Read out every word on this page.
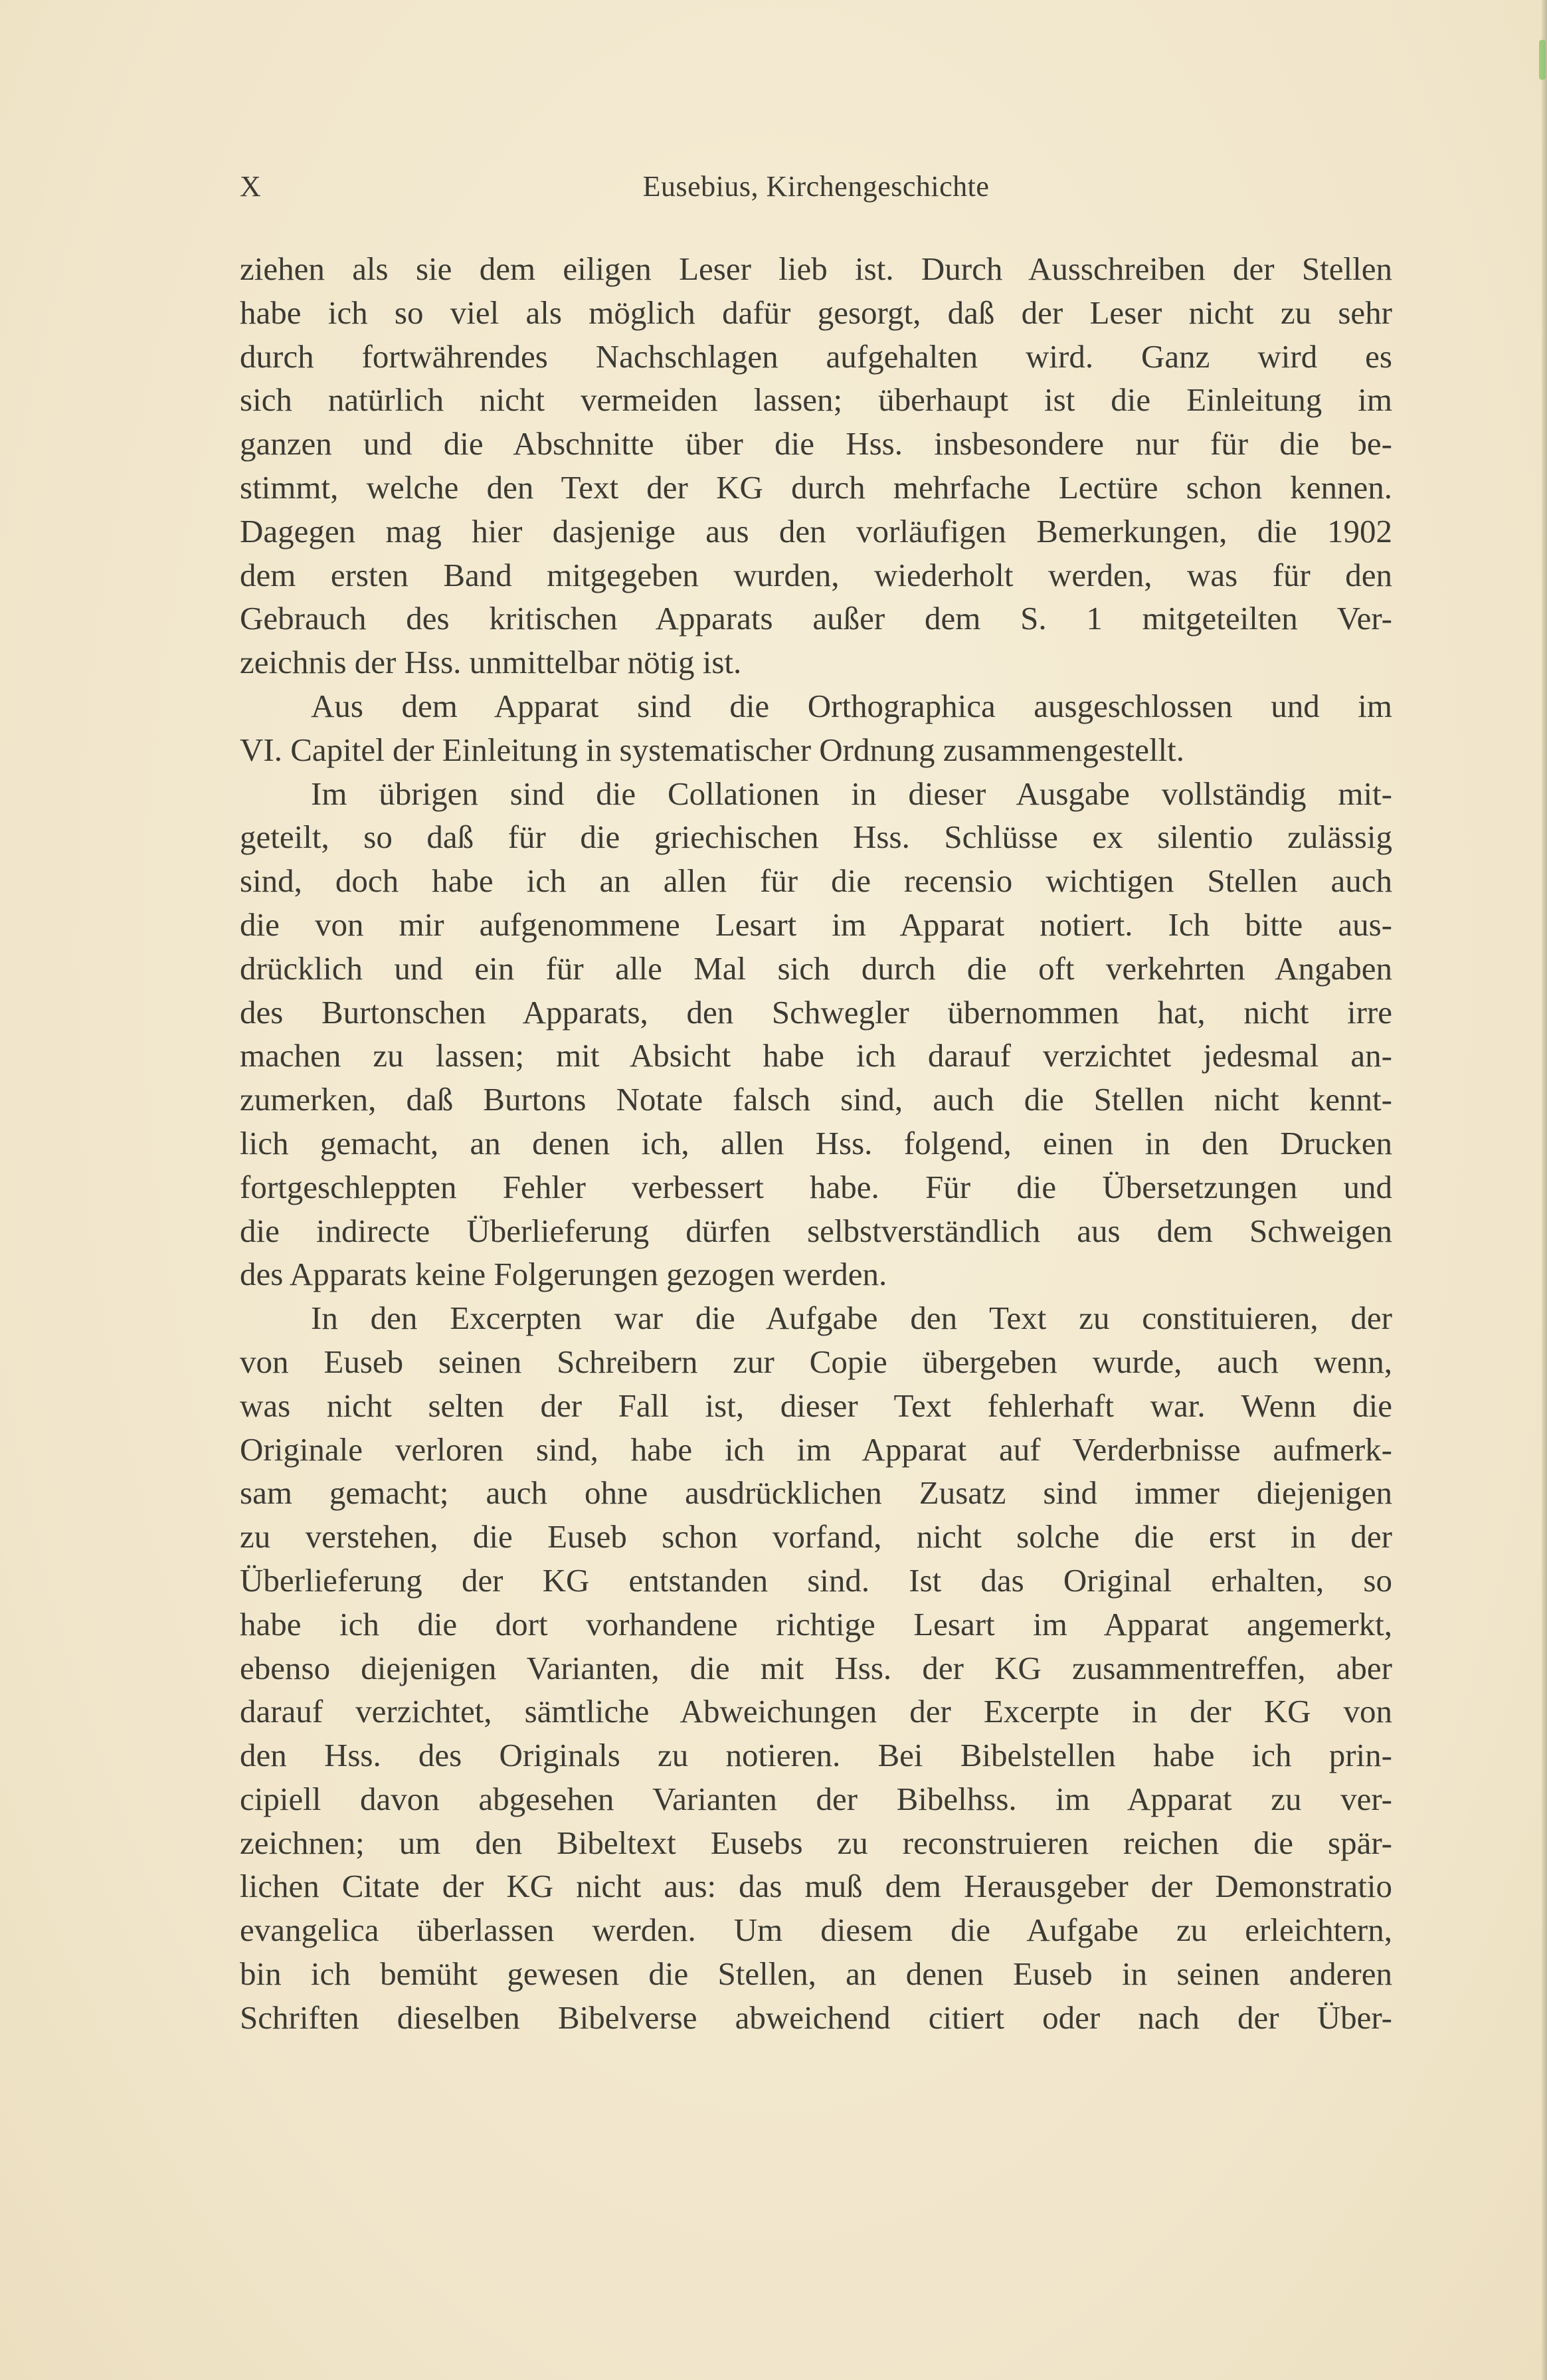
X	Eusebius, Kirchengeschichte
ziehen als sie dem eiligen Leser lieb ist. Durch Ausschreiben der Stellen
habe ich so viel als möglich dafür gesorgt, daß der Leser nicht zu sehr
durch fortwährendes Nachschlagen aufgehalten wird. Ganz wird es
sich natürlich nicht vermeiden lassen; überhaupt ist die Einleitung im
ganzen und die Abschnitte über die Hss. insbesondere nur für die be-
stimmt, welche den Text der KG durch mehrfache Lectüre schon kennen.
Dagegen mag hier dasjenige aus den vorläufigen Bemerkungen, die 1902
dem ersten Band mitgegeben wurden, wiederholt werden, was für den
Gebrauch des kritischen Apparats außer dem S. 1 mitgeteilten Ver-
zeichnis der Hss. unmittelbar nötig ist.
Aus dem Apparat sind die Orthographica ausgeschlossen und im
VI. Capitel der Einleitung in systematischer Ordnung zusammengestellt.
Im übrigen sind die Collationen in dieser Ausgabe vollständig mit-
geteilt, so daß für die griechischen Hss. Schlüsse ex silentio zulässig
sind, doch habe ich an allen für die recensio wichtigen Stellen auch
die von mir aufgenommene Lesart im Apparat notiert. Ich bitte aus-
drücklich und ein für alle Mal sich durch die oft verkehrten Angaben
des Burtonschen Apparats, den Schwegler übernommen hat, nicht irre
machen zu lassen; mit Absicht habe ich darauf verzichtet jedesmal an-
zumerken, daß Burtons Notate falsch sind, auch die Stellen nicht kennt-
lich gemacht, an denen ich, allen Hss. folgend, einen in den Drucken
fortgeschleppten Fehler verbessert habe. Für die Übersetzungen und
die indirecte Überlieferung dürfen selbstverständlich aus dem Schweigen
des Apparats keine Folgerungen gezogen werden.
In den Excerpten war die Aufgabe den Text zu constituieren, der
von Euseb seinen Schreibern zur Copie übergeben wurde, auch wenn,
was nicht selten der Fall ist, dieser Text fehlerhaft war. Wenn die
Originale verloren sind, habe ich im Apparat auf Verderbnisse aufmerk-
sam gemacht; auch ohne ausdrücklichen Zusatz sind immer diejenigen
zu verstehen, die Euseb schon vorfand, nicht solche die erst in der
Überlieferung der KG entstanden sind. Ist das Original erhalten, so
habe ich die dort vorhandene richtige Lesart im Apparat angemerkt,
ebenso diejenigen Varianten, die mit Hss. der KG zusammentreffen, aber
darauf verzichtet, sämtliche Abweichungen der Excerpte in der KG von
den Hss. des Originals zu notieren. Bei Bibelstellen habe ich prin-
cipiell davon abgesehen Varianten der Bibelhss. im Apparat zu ver-
zeichnen; um den Bibeltext Eusebs zu reconstruieren reichen die spär-
lichen Citate der KG nicht aus: das muß dem Herausgeber der Demonstratio
evangelica überlassen werden. Um diesem die Aufgabe zu erleichtern,
bin ich bemüht gewesen die Stellen, an denen Euseb in seinen anderen
Schriften dieselben Bibelverse abweichend citiert oder nach der Über-
